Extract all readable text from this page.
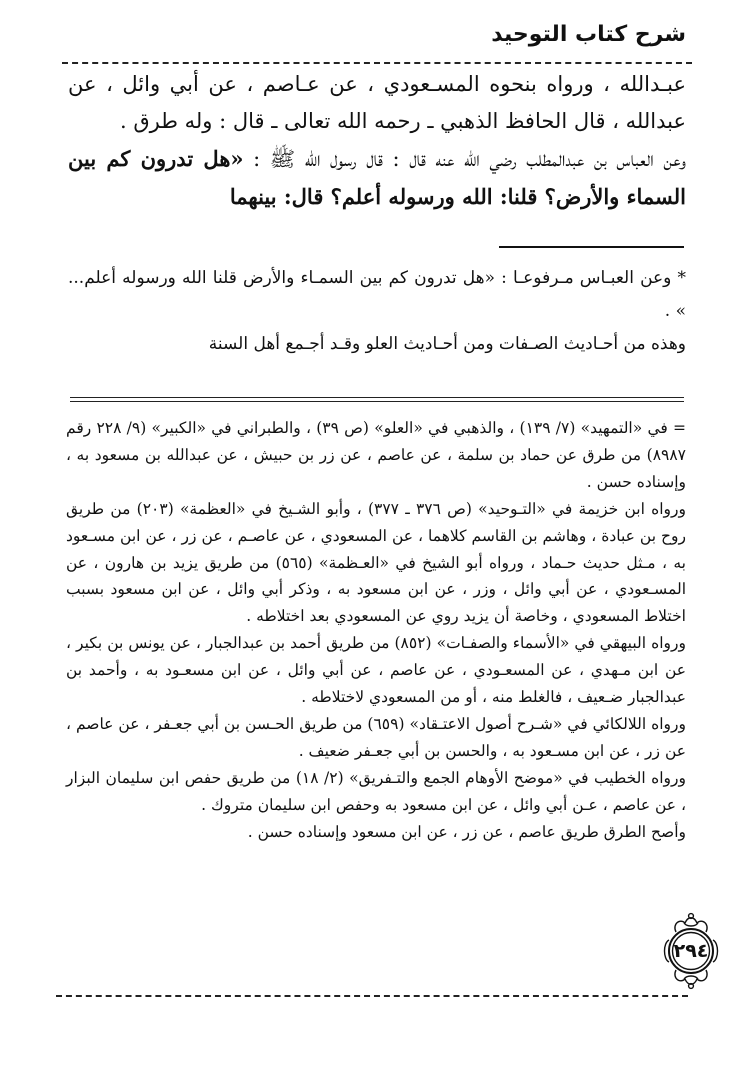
شرح كتاب التوحيد

عبـدالله ، ورواه بنحوه المسـعودي ، عن عـاصم ، عن أبي وائل ، عن عبدالله ، قال الحافظ الذهبي ـ رحمه الله تعالى ـ قال : وله طرق .

وعن العباس بن عبدالمطلب رضي الله عنه قال : قال رسول الله ﷺ : «هل تدرون كم بين السماء والأرض؟ قلنا: الله ورسوله أعلم؟ قال: بينهما

* وعن العبـاس مـرفوعـا : «هل تدرون كم بين السمـاء والأرض قلنا الله ورسوله أعلم... » .

وهذه من أحـاديث الصـفات ومن أحـاديث العلو وقـد أجـمع أهل السنة

= في «التمهيد» (٧/ ١٣٩) ، والذهبي في «العلو» (ص ٣٩) ، والطبراني في «الكبير» (٩/ ٢٢٨ رقم ٨٩٨٧) من طرق عن حماد بن سلمة ، عن عاصم ، عن زر بن حبيش ، عن عبدالله بن مسعود به ، وإسناده حسن .

ورواه ابن خزيمة في «التـوحيد» (ص ٣٧٦ ـ ٣٧٧) ، وأبو الشـيخ في «العظمة» (٢٠٣) من طريق روح بن عبادة ، وهاشم بن القاسم كلاهما ، عن المسعودي ، عن عاصـم ، عن زر ، عن ابن مسـعود به ، مـثل حديث حـماد ، ورواه أبو الشيخ في «العـظمة» (٥٦٥) من طريق يزيد بن هارون ، عن المسـعودي ، عن أبي وائل ، وزر ، عن ابن مسعود به ، وذكر أبي وائل ، عن ابن مسعود بسبب اختلاط المسعودي ، وخاصة أن يزيد روي عن المسعودي بعد اختلاطه .

ورواه البيهقي في «الأسماء والصفـات» (٨٥٢) من طريق أحمد بن عبدالجبار ، عن يونس بن بكير ، عن ابن مـهدي ، عن المسعـودي ، عن عاصم ، عن أبي وائل ، عن ابن مسعـود به ، وأحمد بن عبدالجبار ضـعيف ، فالغلط منه ، أو من المسعودي لاختلاطه .

ورواه اللالكائي في «شـرح أصول الاعتـقاد» (٦٥٩) من طريق الحـسن بن أبي جعـفر ، عن عاصم ، عن زر ، عن ابن مسـعود به ، والحسن بن أبي جعـفر ضعيف .

ورواه الخطيب في «موضح الأوهام الجمع والتـفريق» (٢/ ١٨) من طريق حفص ابن سليمان البزار ، عن عاصم ، عـن أبي وائل ، عن ابن مسعود به وحفص ابن سليمان متروك .

وأصح الطرق طريق عاصم ، عن زر ، عن ابن مسعود وإسناده حسن .

٢٩٤
